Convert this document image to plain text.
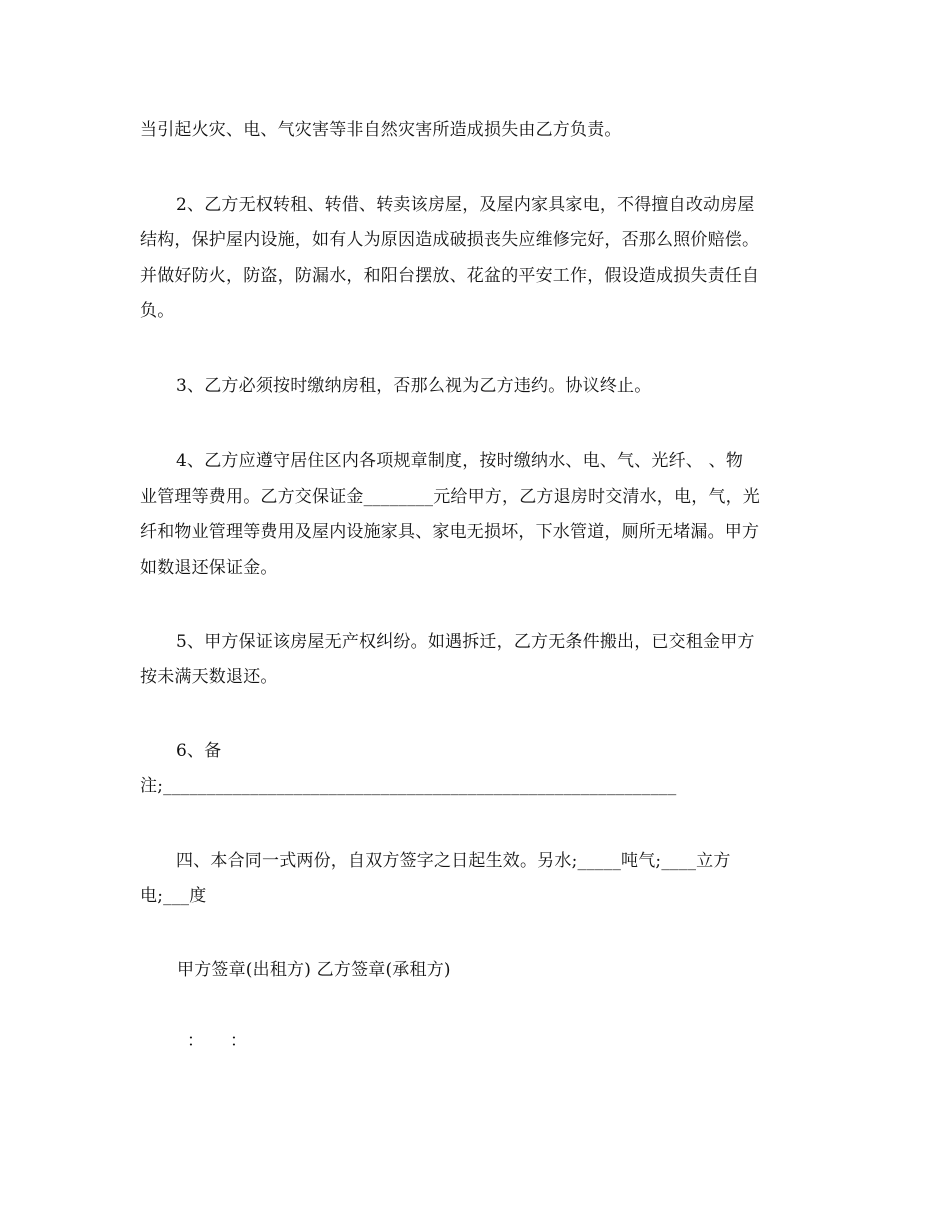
当引起火灾、电、气灾害等非自然灾害所造成损失由乙方负责。

2、乙方无权转租、转借、转卖该房屋，及屋内家具家电，不得擅自改动房屋

结构，保护屋内设施，如有人为原因造成破损丧失应维修完好，否那么照价赔偿。

并做好防火，防盗，防漏水，和阳台摆放、花盆的平安工作，假设造成损失责任自

负。

3、乙方必须按时缴纳房租，否那么视为乙方违约。协议终止。

4、乙方应遵守居住区内各项规章制度，按时缴纳水、电、气、光纤、 、物

业管理等费用。乙方交保证金________元给甲方，乙方退房时交清水，电，气，光

纤和物业管理等费用及屋内设施家具、家电无损坏，下水管道，厕所无堵漏。甲方

如数退还保证金。

5、甲方保证该房屋无产权纠纷。如遇拆迁，乙方无条件搬出，已交租金甲方

按未满天数退还。

6、备

注;___________________________________________________________

四、本合同一式两份，自双方签字之日起生效。另水;_____吨气;____立方

电;___度

甲方签章(出租方) 乙方签章(承租方)

： ：
